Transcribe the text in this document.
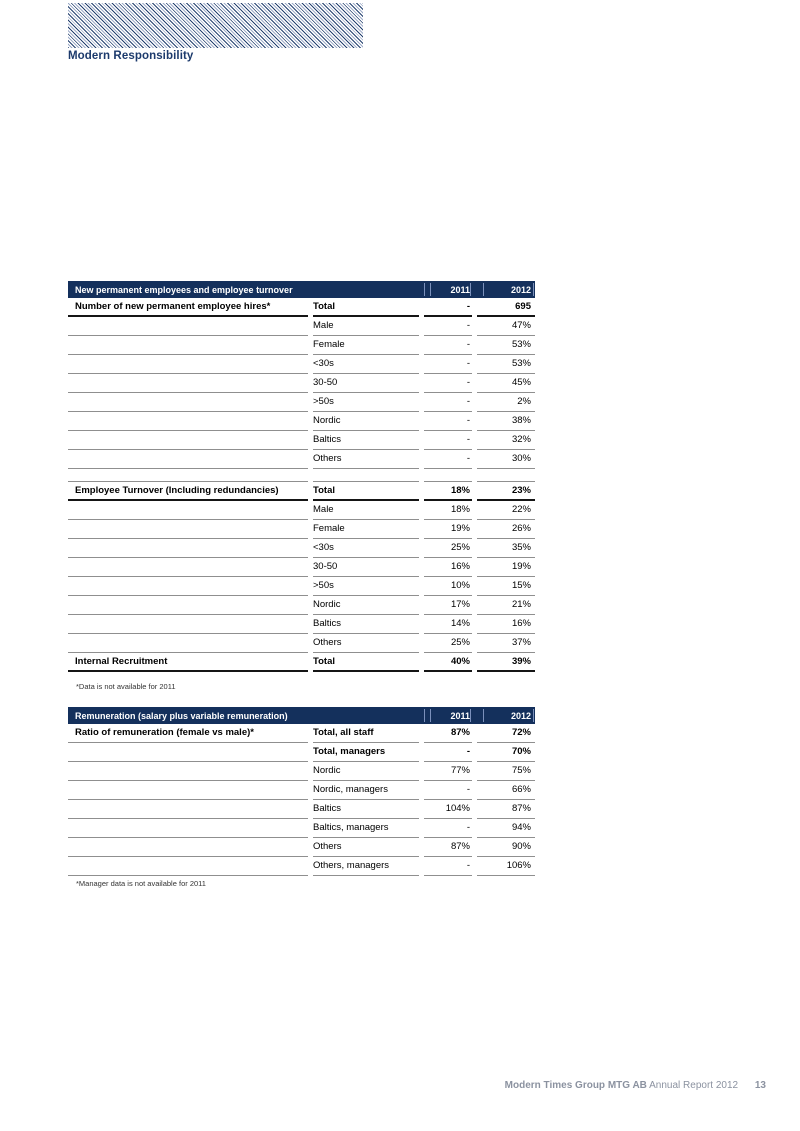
Modern Responsibility
New permanent employees and employee turnover	2011	2012
Number of new permanent employee hires*	Total	-	695
Male	-	47%
Female	-	53%
<30s	-	53%
30-50	-	45%
>50s	-	2%
Nordic	-	38%
Baltics	-	32%
Others	-	30%
Employee Turnover (Including redundancies)	Total	18%	23%
Male	18%	22%
Female	19%	26%
<30s	25%	35%
30-50	16%	19%
>50s	10%	15%
Nordic	17%	21%
Baltics	14%	16%
Others	25%	37%
Internal Recruitment	Total	40%	39%
*Data is not available for 2011
Remuneration (salary plus variable remuneration)	2011	2012
Ratio of remuneration (female vs male)*	Total, all staff	87%	72%
Total, managers	-	70%
Nordic	77%	75%
Nordic, managers	-	66%
Baltics	104%	87%
Baltics, managers	-	94%
Others	87%	90%
Others, managers	-	106%
*Manager data is not available for 2011
Modern Times Group MTG AB Annual Report 2012 13
